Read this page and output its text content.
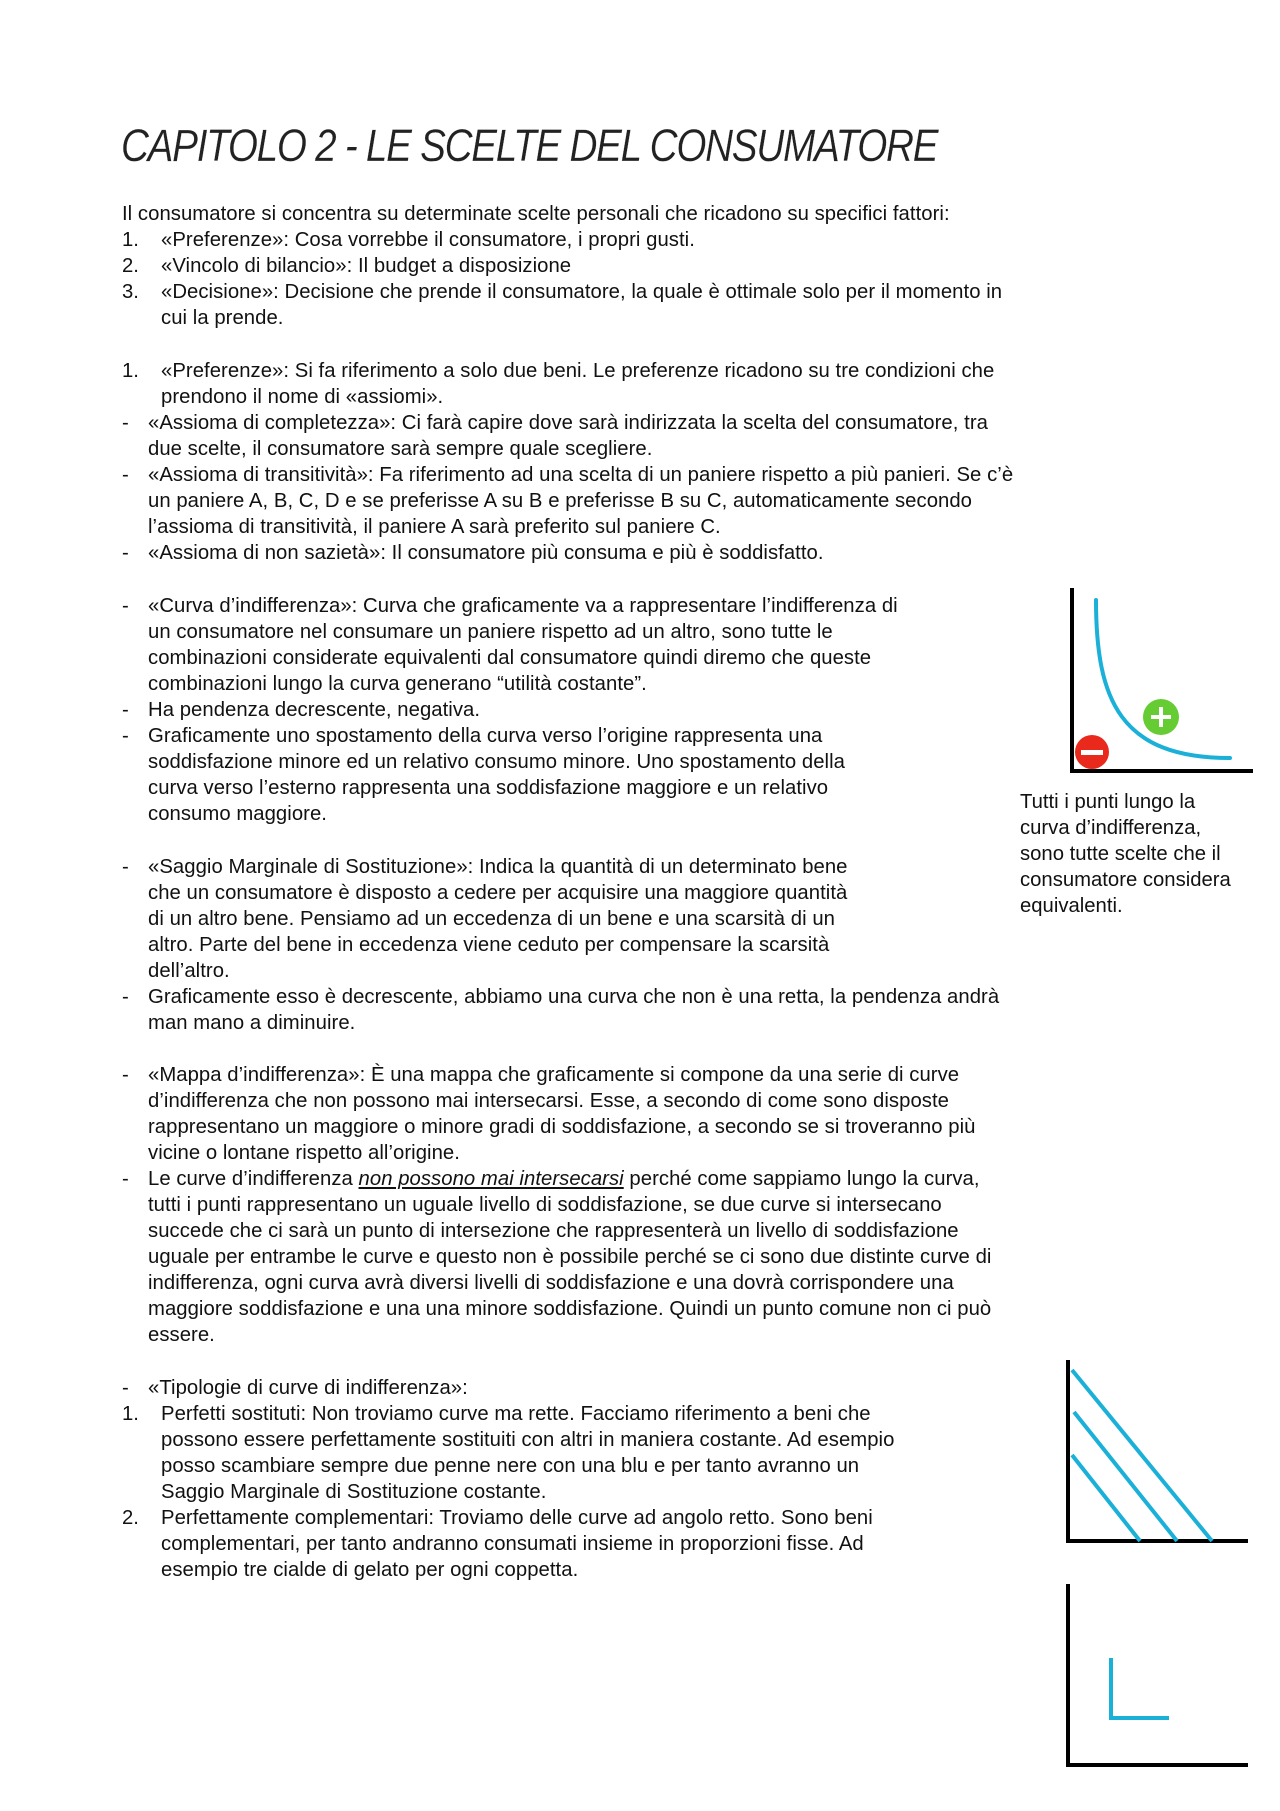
CAPITOLO 2 - LE SCELTE DEL CONSUMATORE
Il consumatore si concentra su determinate scelte personali che ricadono su specifici fattori:
1. «Preferenze»: Cosa vorrebbe il consumatore, i propri gusti.
2. «Vincolo di bilancio»: Il budget a disposizione
3. «Decisione»: Decisione che prende il consumatore, la quale è ottimale solo per il momento in
cui la prende.
1. «Preferenze»: Si fa riferimento a solo due beni. Le preferenze ricadono su tre condizioni che
prendono il nome di «assiomi».
- «Assioma di completezza»: Ci farà capire dove sarà indirizzata la scelta del consumatore, tra
due scelte, il consumatore sarà sempre quale scegliere.
- «Assioma di transitività»: Fa riferimento ad una scelta di un paniere rispetto a più panieri. Se c’è
un paniere A, B, C, D e se preferisse A su B e preferisse B su C, automaticamente secondo
l’assioma di transitività, il paniere A sarà preferito sul paniere C.
- «Assioma di non sazietà»: Il consumatore più consuma e più è soddisfatto.
- «Curva d’indifferenza»: Curva che graficamente va a rappresentare l’indifferenza di
un consumatore nel consumare un paniere rispetto ad un altro, sono tutte le
combinazioni considerate equivalenti dal consumatore quindi diremo che queste
combinazioni lungo la curva generano “utilità costante”.
- Ha pendenza decrescente, negativa.
- Graficamente uno spostamento della curva verso l’origine rappresenta una
soddisfazione minore ed un relativo consumo minore. Uno spostamento della
curva verso l’esterno rappresenta una soddisfazione maggiore e un relativo
consumo maggiore.
Tutti i punti lungo la
curva d’indifferenza,
sono tutte scelte che il
consumatore considera
equivalenti.
- «Saggio Marginale di Sostituzione»: Indica la quantità di un determinato bene
che un consumatore è disposto a cedere per acquisire una maggiore quantità
di un altro bene. Pensiamo ad un eccedenza di un bene e una scarsità di un
altro. Parte del bene in eccedenza viene ceduto per compensare la scarsità
dell’altro.
- Graficamente esso è decrescente, abbiamo una curva che non è una retta, la pendenza andrà
man mano a diminuire.
- «Mappa d’indifferenza»: È una mappa che graficamente si compone da una serie di curve
d’indifferenza che non possono mai intersecarsi. Esse, a secondo di come sono disposte
rappresentano un maggiore o minore gradi di soddisfazione, a secondo se si troveranno più
vicine o lontane rispetto all’origine.
- Le curve d’indifferenza non possono mai intersecarsi perché come sappiamo lungo la curva,
tutti i punti rappresentano un uguale livello di soddisfazione, se due curve si intersecano
succede che ci sarà un punto di intersezione che rappresenterà un livello di soddisfazione
uguale per entrambe le curve e questo non è possibile perché se ci sono due distinte curve di
indifferenza, ogni curva avrà diversi livelli di soddisfazione e una dovrà corrispondere una
maggiore soddisfazione e una una minore soddisfazione. Quindi un punto comune non ci può
essere.
- «Tipologie di curve di indifferenza»:
1. Perfetti sostituti: Non troviamo curve ma rette. Facciamo riferimento a beni che
possono essere perfettamente sostituiti con altri in maniera costante. Ad esempio
posso scambiare sempre due penne nere con una blu e per tanto avranno un
Saggio Marginale di Sostituzione costante.
2. Perfettamente complementari: Troviamo delle curve ad angolo retto. Sono beni
complementari, per tanto andranno consumati insieme in proporzioni fisse. Ad
esempio tre cialde di gelato per ogni coppetta.
